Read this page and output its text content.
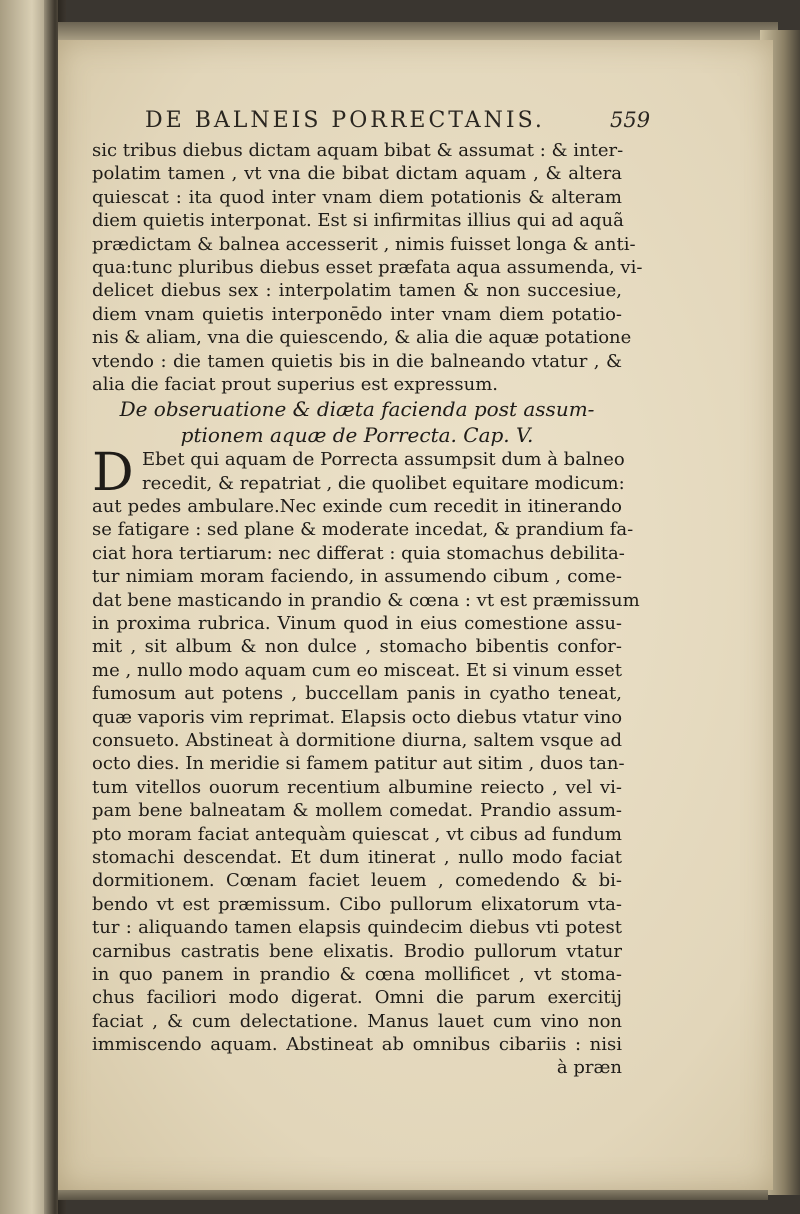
DE BALNEIS PORRECTANIS.	559
sic tribus diebus dictam aquam bibat & assumat : & inter-
polatim tamen , vt vna die bibat dictam aquam , & altera
quiescat : ita quod inter vnam diem potationis & alteram
diem quietis interponat. Est si infirmitas illius qui ad aquã
prædictam & balnea accesserit , nimis fuisset longa & anti-
qua:tunc pluribus diebus esset præfata aqua assumenda, vi-
delicet diebus sex : interpolatim tamen & non succesiue,
diem vnam quietis interponēdo inter vnam diem potatio-
nis & aliam, vna die quiescendo, & alia die aquæ potatione
vtendo : die tamen quietis bis in die balneando vtatur , &
alia die faciat prout superius est expressum.
De obseruatione & diæta facienda post assum-
ptionem aquæ de Porrecta. Cap. V.
D Ebet qui aquam de Porrecta assumpsit dum à balneo
recedit, & repatriat , die quolibet equitare modicum:
aut pedes ambulare.Nec exinde cum recedit in itinerando
se fatigare : sed plane & moderate incedat, & prandium fa-
ciat hora tertiarum: nec differat : quia stomachus debilita-
tur nimiam moram faciendo, in assumendo cibum , come-
dat bene masticando in prandio & cœna : vt est præmissum
in proxima rubrica. Vinum quod in eius comestione assu-
mit , sit album & non dulce , stomacho bibentis confor-
me , nullo modo aquam cum eo misceat. Et si vinum esset
fumosum aut potens , buccellam panis in cyatho teneat,
quæ vaporis vim reprimat. Elapsis octo diebus vtatur vino
consueto. Abstineat à dormitione diurna, saltem vsque ad
octo dies. In meridie si famem patitur aut sitim , duos tan-
tum vitellos ouorum recentium albumine reiecto , vel vi-
pam bene balneatam & mollem comedat. Prandio assum-
pto moram faciat antequàm quiescat , vt cibus ad fundum
stomachi descendat. Et dum itinerat , nullo modo faciat
dormitionem. Cœnam faciet leuem , comedendo & bi-
bendo vt est præmissum. Cibo pullorum elixatorum vta-
tur : aliquando tamen elapsis quindecim diebus vti potest
carnibus castratis bene elixatis. Brodio pullorum vtatur
in quo panem in prandio & cœna mollificet , vt stoma-
chus faciliori modo digerat. Omni die parum exercitij
faciat , & cum delectatione. Manus lauet cum vino non
immiscendo aquam. Abstineat ab omnibus cibariis : nisi
à præn
